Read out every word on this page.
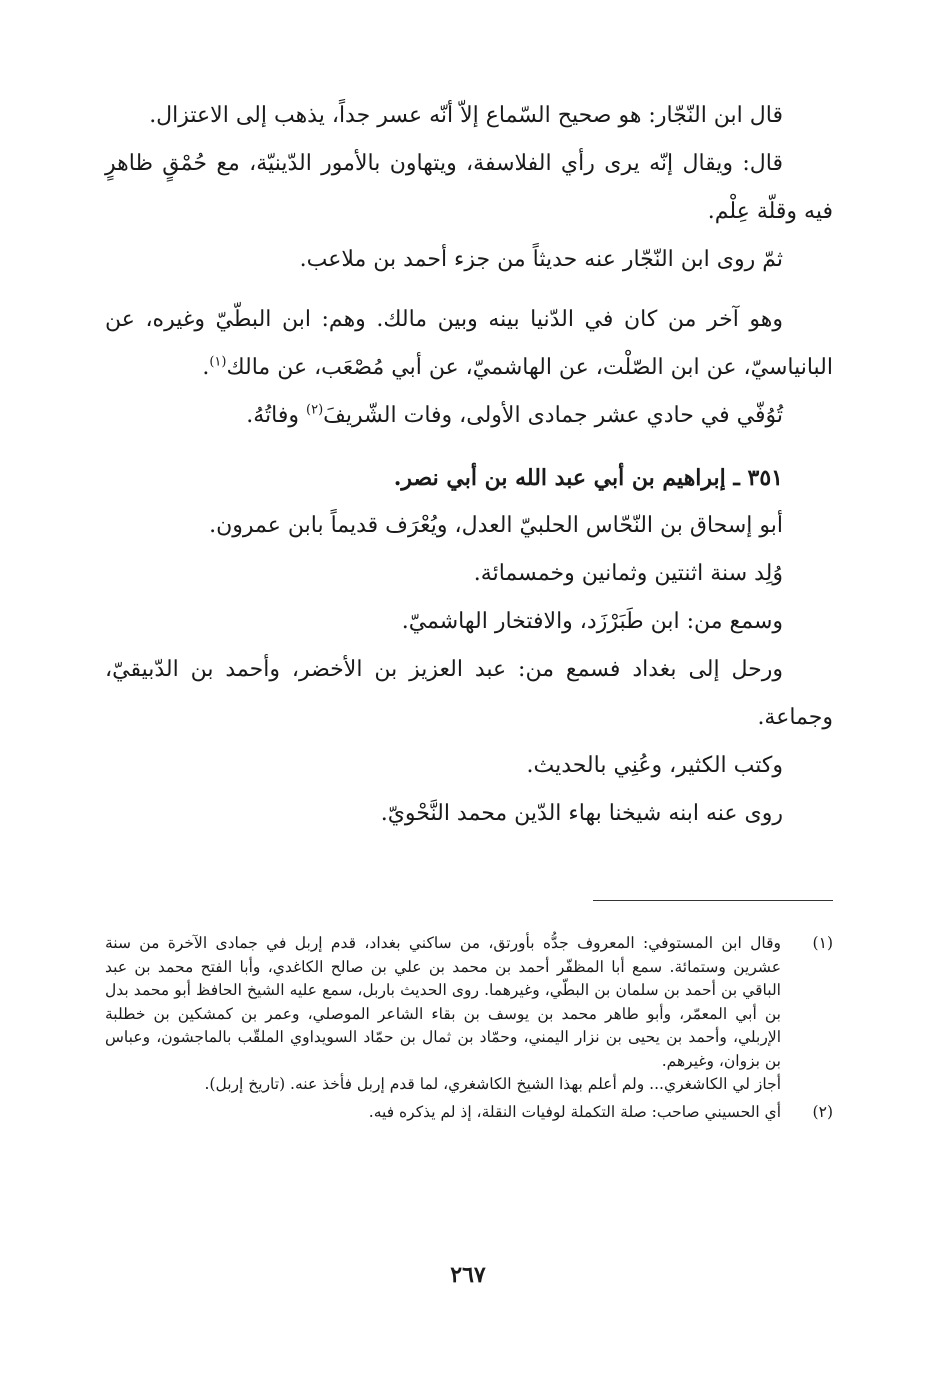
قال ابن النّجّار: هو صحيح السّماع إلاّ أنّه عسر جداً، يذهب إلى الاعتزال.

قال: ويقال إنّه يرى رأي الفلاسفة، ويتهاون بالأمور الدّينيّة، مع حُمْقٍ ظاهرٍ فيه وقلّة عِلْم.

ثمّ روى ابن النّجّار عنه حديثاً من جزء أحمد بن ملاعب.

وهو آخر من كان في الدّنيا بينه وبين مالك. وهم: ابن البطّيّ وغيره، عن البانياسيّ، عن ابن الصّلْت، عن الهاشميّ، عن أبي مُصْعَب، عن مالك$^{(١)}$.

تُوُفّي في حادي عشر جمادى الأولى، وفات الشّريفَ$^{(٢)}$ وفاتُهُ.

٣٥١ ـ إبراهيم بن أبي عبد الله بن أبي نصر.

أبو إسحاق بن النّحّاس الحلبيّ العدل، ويُعْرَف قديماً بابن عمرون.

وُلِد سنة اثنتين وثمانين وخمسمائة.

وسمع من: ابن طَبَرْزَد، والافتخار الهاشميّ.

ورحل إلى بغداد فسمع من: عبد العزيز بن الأخضر، وأحمد بن الدّبيقيّ، وجماعة.

وكتب الكثير، وعُنِي بالحديث.

روى عنه ابنه شيخنا بهاء الدّين محمد النَّحْويّ.

(١)

وقال ابن المستوفي: المعروف جدُّه بأورتق، من ساكني بغداد، قدم إربل في جمادى الآخرة من سنة عشرين وستمائة. سمع أبا المظفّر أحمد بن محمد بن علي بن صالح الكاغدي، وأبا الفتح محمد بن عبد الباقي بن أحمد بن سلمان بن البطّي، وغيرهما. روى الحديث باربل، سمع عليه الشيخ الحافظ أبو محمد بدل بن أبي المعمّر، وأبو طاهر محمد بن يوسف بن بقاء الشاعر الموصلي، وعمر بن كمشكين بن خطلبة الإربلي، وأحمد بن يحيى بن نزار اليمني، وحمّاد بن ثمال بن حمّاد السويداوي الملقّب بالماجشون، وعباس بن بزوان، وغيرهم.

أجاز لي الكاشغري... ولم أعلم بهذا الشيخ الكاشغري، لما قدم إربل فأخذ عنه. (تاريخ إربل).

(٢)

أي الحسيني صاحب: صلة التكملة لوفيات النقلة، إذ لم يذكره فيه.

٢٦٧
